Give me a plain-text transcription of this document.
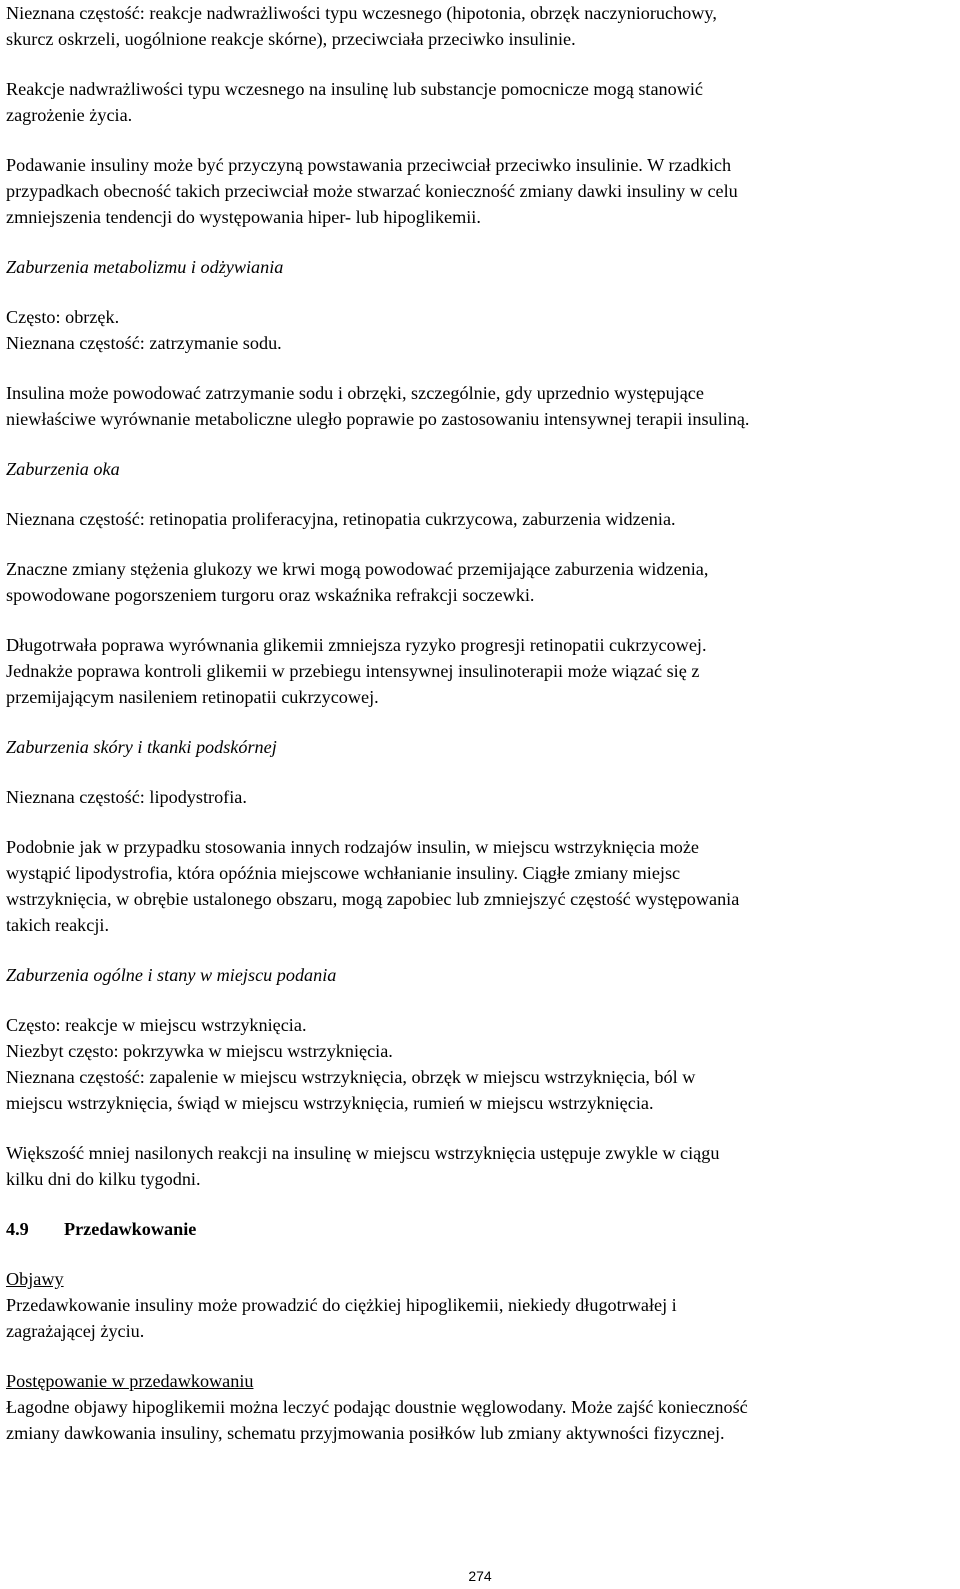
Nieznana częstość: reakcje nadwrażliwości typu wczesnego (hipotonia, obrzęk naczynioruchowy,
skurcz oskrzeli, uogólnione reakcje skórne), przeciwciała przeciwko insulinie.

Reakcje nadwrażliwości typu wczesnego na insulinę lub substancje pomocnicze mogą stanowić
zagrożenie życia.

Podawanie insuliny może być przyczyną powstawania przeciwciał przeciwko insulinie. W rzadkich
przypadkach obecność takich przeciwciał może stwarzać konieczność zmiany dawki insuliny w celu
zmniejszenia tendencji do występowania hiper- lub hipoglikemii.

Zaburzenia metabolizmu i odżywiania

Często: obrzęk.
Nieznana częstość: zatrzymanie sodu.

Insulina może powodować zatrzymanie sodu i obrzęki, szczególnie, gdy uprzednio występujące
niewłaściwe wyrównanie metaboliczne uległo poprawie po zastosowaniu intensywnej terapii insuliną.

Zaburzenia oka

Nieznana częstość: retinopatia proliferacyjna, retinopatia cukrzycowa, zaburzenia widzenia.

Znaczne zmiany stężenia glukozy we krwi mogą powodować przemijające zaburzenia widzenia,
spowodowane pogorszeniem turgoru oraz wskaźnika refrakcji soczewki.

Długotrwała poprawa wyrównania glikemii zmniejsza ryzyko progresji retinopatii cukrzycowej.
Jednakże poprawa kontroli glikemii w przebiegu intensywnej insulinoterapii może wiązać się z
przemijającym nasileniem retinopatii cukrzycowej.

Zaburzenia skóry i tkanki podskórnej

Nieznana częstość: lipodystrofia.

Podobnie jak w przypadku stosowania innych rodzajów insulin, w miejscu wstrzyknięcia może
wystąpić lipodystrofia, która opóźnia miejscowe wchłanianie insuliny. Ciągłe zmiany miejsc
wstrzyknięcia, w obrębie ustalonego obszaru, mogą zapobiec lub zmniejszyć częstość występowania
takich reakcji.

Zaburzenia ogólne i stany w miejscu podania

Często: reakcje w miejscu wstrzyknięcia.
Niezbyt często: pokrzywka w miejscu wstrzyknięcia.
Nieznana częstość: zapalenie w miejscu wstrzyknięcia, obrzęk w miejscu wstrzyknięcia, ból w
miejscu wstrzyknięcia, świąd w miejscu wstrzyknięcia, rumień w miejscu wstrzyknięcia.

Większość mniej nasilonych reakcji na insulinę w miejscu wstrzyknięcia ustępuje zwykle w ciągu
kilku dni do kilku tygodni.

4.9	Przedawkowanie

Objawy

Przedawkowanie insuliny może prowadzić do ciężkiej hipoglikemii, niekiedy długotrwałej i
zagrażającej życiu.

Postępowanie w przedawkowaniu

Łagodne objawy hipoglikemii można leczyć podając doustnie węglowodany. Może zajść konieczność
zmiany dawkowania insuliny, schematu przyjmowania posiłków lub zmiany aktywności fizycznej.

274
